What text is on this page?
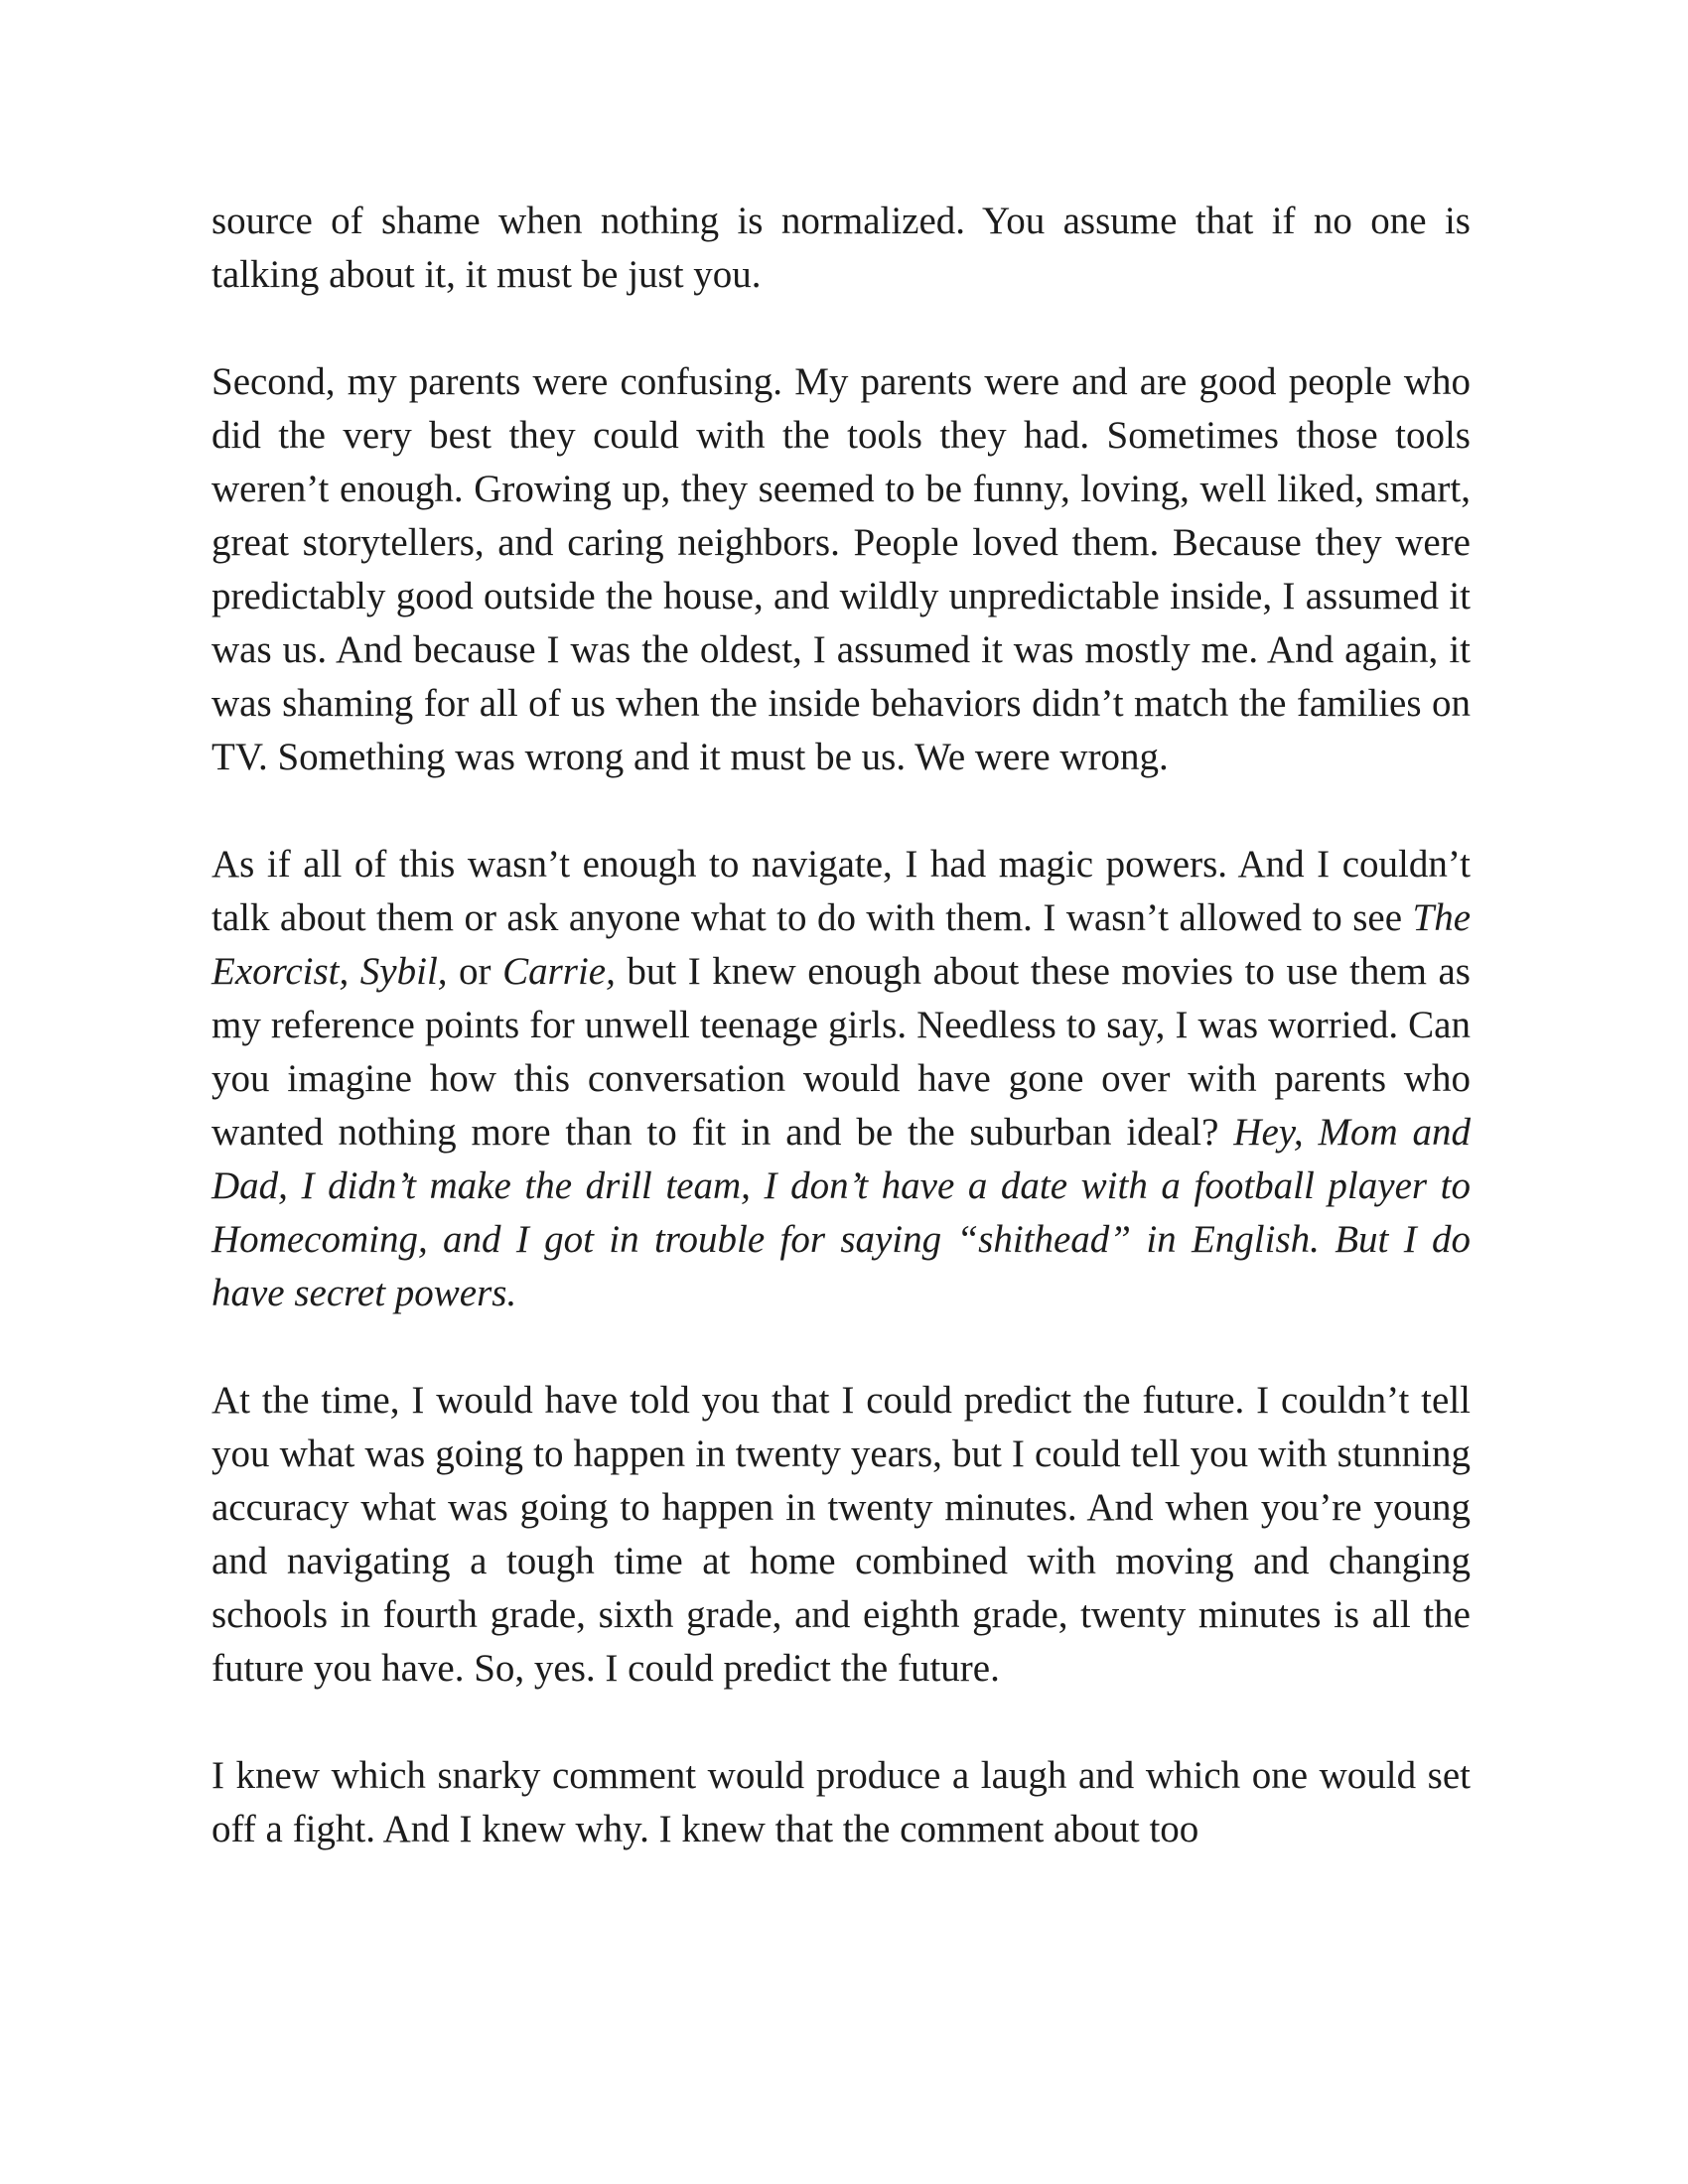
source of shame when nothing is normalized. You assume that if no one is talking about it, it must be just you.

Second, my parents were confusing. My parents were and are good people who did the very best they could with the tools they had. Sometimes those tools weren’t enough. Growing up, they seemed to be funny, loving, well liked, smart, great storytellers, and caring neighbors. People loved them. Because they were predictably good outside the house, and wildly unpredictable inside, I assumed it was us. And because I was the oldest, I assumed it was mostly me. And again, it was shaming for all of us when the inside behaviors didn’t match the families on TV. Something was wrong and it must be us. We were wrong.

As if all of this wasn’t enough to navigate, I had magic powers. And I couldn’t talk about them or ask anyone what to do with them. I wasn’t allowed to see The Exorcist, Sybil, or Carrie, but I knew enough about these movies to use them as my reference points for unwell teenage girls. Needless to say, I was worried. Can you imagine how this conversation would have gone over with parents who wanted nothing more than to fit in and be the suburban ideal? Hey, Mom and Dad, I didn’t make the drill team, I don’t have a date with a football player to Homecoming, and I got in trouble for saying “shithead” in English. But I do have secret powers.

At the time, I would have told you that I could predict the future. I couldn’t tell you what was going to happen in twenty years, but I could tell you with stunning accuracy what was going to happen in twenty minutes. And when you’re young and navigating a tough time at home combined with moving and changing schools in fourth grade, sixth grade, and eighth grade, twenty minutes is all the future you have. So, yes. I could predict the future.

I knew which snarky comment would produce a laugh and which one would set off a fight. And I knew why. I knew that the comment about too
